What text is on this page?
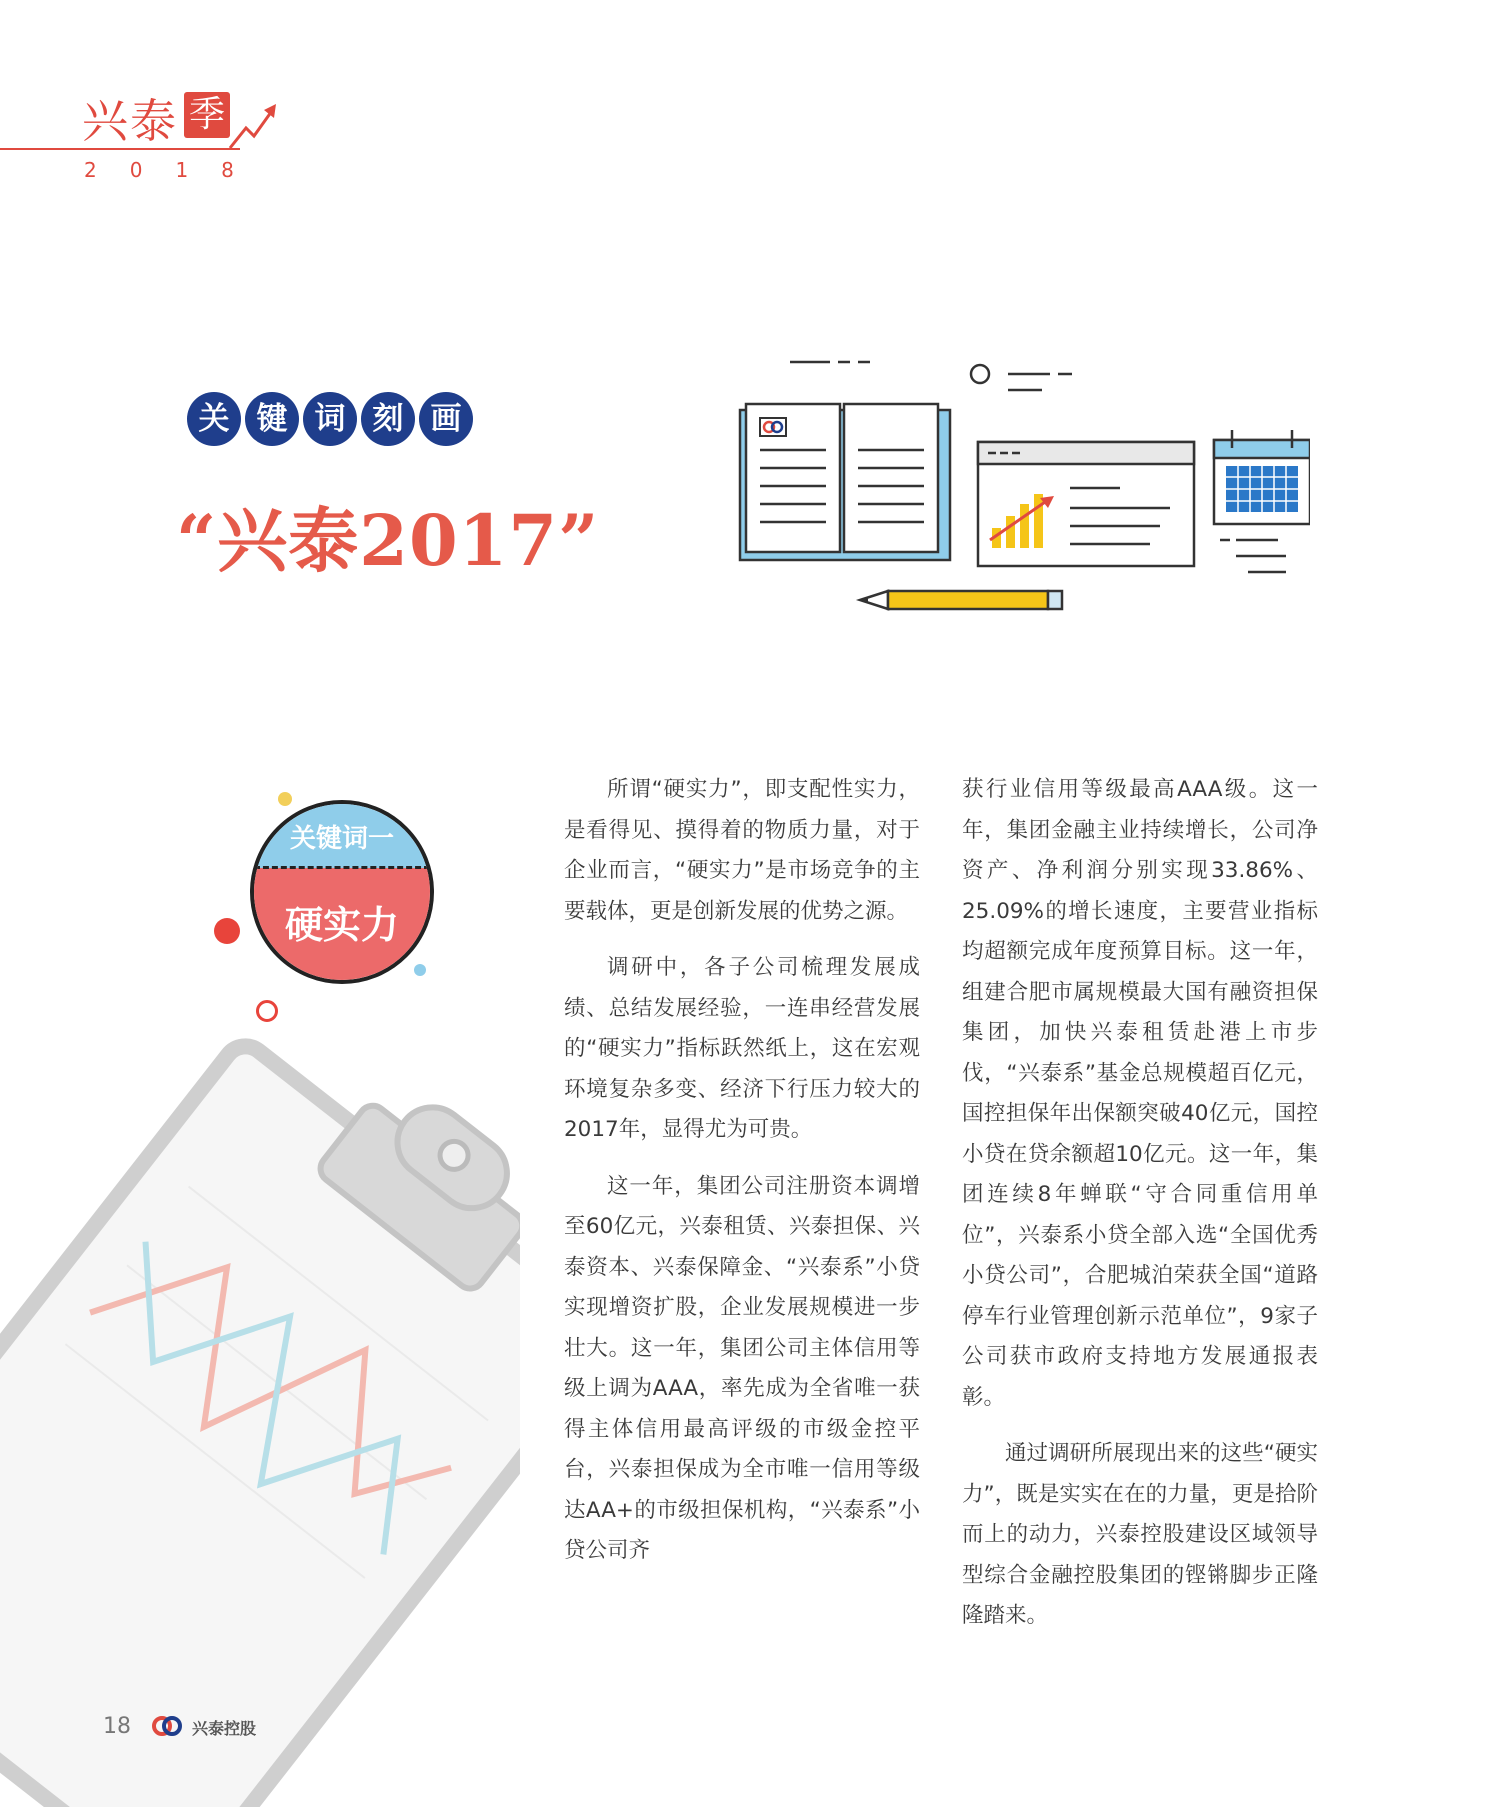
兴泰 季
2018
关 键 词 刻 画
“兴泰2017”
关键词一
硬实力

所谓“硬实力”，即支配性实力，是看得见、摸得着的物质力量，对于企业而言，“硬实力”是市场竞争的主要载体，更是创新发展的优势之源。

调研中，各子公司梳理发展成绩、总结发展经验，一连串经营发展的“硬实力”指标跃然纸上，这在宏观环境复杂多变、经济下行压力较大的2017年，显得尤为可贵。

这一年，集团公司注册资本调增至60亿元，兴泰租赁、兴泰担保、兴泰资本、兴泰保障金、“兴泰系”小贷实现增资扩股，企业发展规模进一步壮大。这一年，集团公司主体信用等级上调为AAA，率先成为全省唯一获得主体信用最高评级的市级金控平台，兴泰担保成为全市唯一信用等级达AA+的市级担保机构，“兴泰系”小贷公司齐

获行业信用等级最高AAA级。这一年，集团金融主业持续增长，公司净资产、净利润分别实现33.86%、25.09%的增长速度，主要营业指标均超额完成年度预算目标。这一年，组建合肥市属规模最大国有融资担保集团，加快兴泰租赁赴港上市步伐，“兴泰系”基金总规模超百亿元，国控担保年出保额突破40亿元，国控小贷在贷余额超10亿元。这一年，集团连续8年蝉联“守合同重信用单位”，兴泰系小贷全部入选“全国优秀小贷公司”，合肥城泊荣获全国“道路停车行业管理创新示范单位”，9家子公司获市政府支持地方发展通报表彰。

通过调研所展现出来的这些“硬实力”，既是实实在在的力量，更是拾阶而上的动力，兴泰控股建设区域领导型综合金融控股集团的铿锵脚步正隆隆踏来。

18	兴泰控股
